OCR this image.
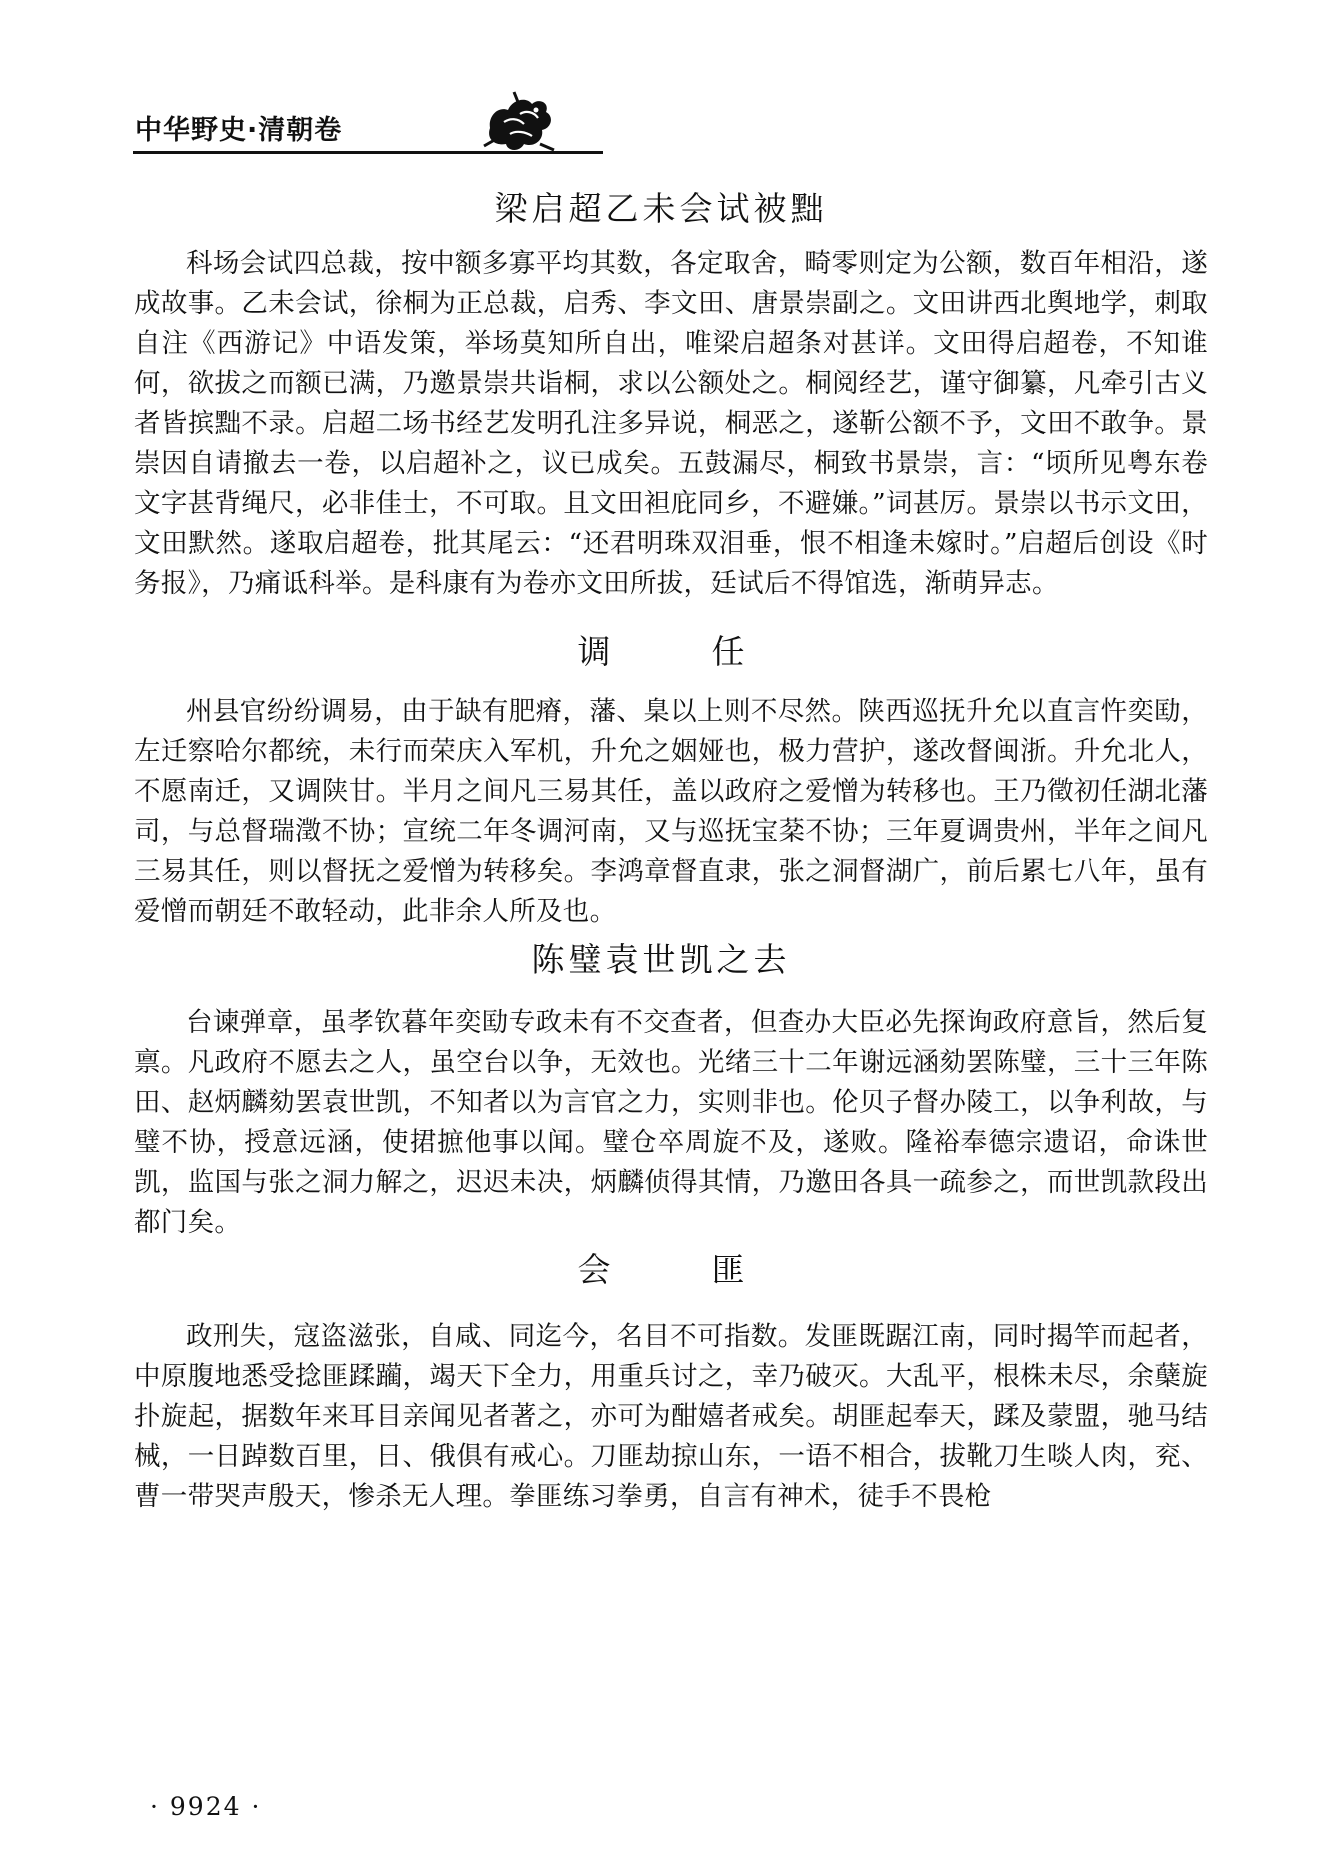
中华野史·清朝卷
梁启超乙未会试被黜
科场会试四总裁，按中额多寡平均其数，各定取舍，畸零则定为公额，数百年相沿，遂成故事。乙未会试，徐桐为正总裁，启秀、李文田、唐景崇副之。文田讲西北舆地学，刺取自注《西游记》中语发策，举场莫知所自出，唯梁启超条对甚详。文田得启超卷，不知谁何，欲拔之而额已满，乃邀景崇共诣桐，求以公额处之。桐阅经艺，谨守御纂，凡牵引古义者皆摈黜不录。启超二场书经艺发明孔注多异说，桐恶之，遂靳公额不予，文田不敢争。景崇因自请撤去一卷，以启超补之，议已成矣。五鼓漏尽，桐致书景崇，言：“顷所见粤东卷文字甚背绳尺，必非佳士，不可取。且文田袒庇同乡，不避嫌。”词甚厉。景崇以书示文田，文田默然。遂取启超卷，批其尾云：“还君明珠双泪垂，恨不相逢未嫁时。”启超后创设《时务报》，乃痛诋科举。是科康有为卷亦文田所拔，廷试后不得馆选，渐萌异志。
调　任
州县官纷纷调易，由于缺有肥瘠，藩、臬以上则不尽然。陕西巡抚升允以直言忤奕劻，左迁察哈尔都统，未行而荣庆入军机，升允之姻娅也，极力营护，遂改督闽浙。升允北人，不愿南迁，又调陕甘。半月之间凡三易其任，盖以政府之爱憎为转移也。王乃徵初任湖北藩司，与总督瑞澂不协；宣统二年冬调河南，又与巡抚宝棻不协；三年夏调贵州，半年之间凡三易其任，则以督抚之爱憎为转移矣。李鸿章督直隶，张之洞督湖广，前后累七八年，虽有爱憎而朝廷不敢轻动，此非余人所及也。
陈璧袁世凯之去
台谏弹章，虽孝钦暮年奕劻专政未有不交查者，但查办大臣必先探询政府意旨，然后复禀。凡政府不愿去之人，虽空台以争，无效也。光绪三十二年谢远涵劾罢陈璧，三十三年陈田、赵炳麟劾罢袁世凯，不知者以为言官之力，实则非也。伦贝子督办陵工，以争利故，与璧不协，授意远涵，使捃摭他事以闻。璧仓卒周旋不及，遂败。隆裕奉德宗遗诏，命诛世凯，监国与张之洞力解之，迟迟未决，炳麟侦得其情，乃邀田各具一疏参之，而世凯款段出都门矣。
会　匪
政刑失，寇盗滋张，自咸、同迄今，名目不可指数。发匪既踞江南，同时揭竿而起者，中原腹地悉受捻匪蹂躏，竭天下全力，用重兵讨之，幸乃破灭。大乱平，根株未尽，余蘖旋扑旋起，据数年来耳目亲闻见者著之，亦可为酣嬉者戒矣。胡匪起奉天，蹂及蒙盟，驰马结械，一日踔数百里，日、俄俱有戒心。刀匪劫掠山东，一语不相合，拔靴刀生啖人肉，兖、曹一带哭声殷天，惨杀无人理。拳匪练习拳勇，自言有神术，徒手不畏枪
· 9924 ·
